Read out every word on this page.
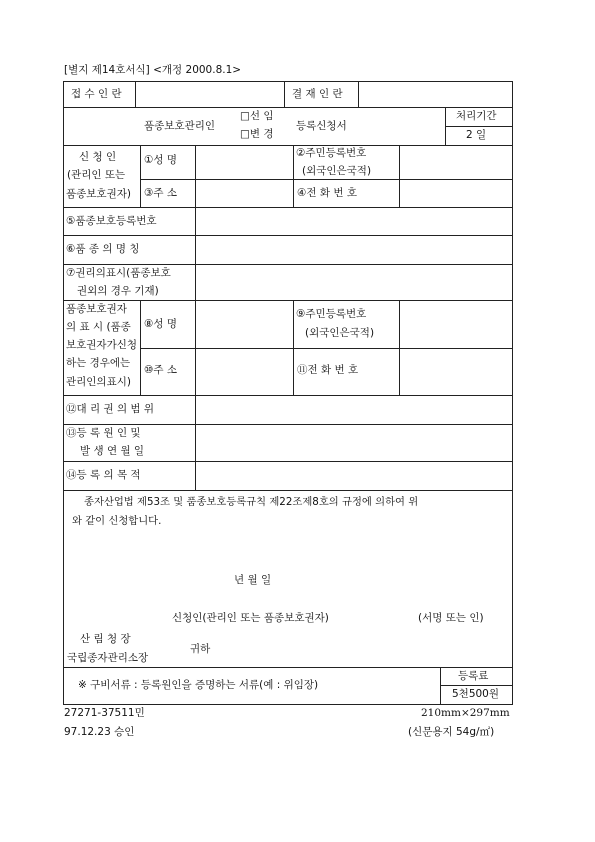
[별지 제14호서식] <개정 2000.8.1>
접 수 인 란	결 재 인 란
품종보호관리인
□선 임
□변 경
등록신청서
처리기간
2 일
신 청 인
(관리인 또는
품종보호권자)
①성 명
②주민등록번호
(외국인은국적)
③주 소	④전 화 번 호
⑤품종보호등록번호
⑥품 종 의 명 칭
⑦권리의표시(품종보호
권외의 경우 기재)
품종보호권자
의 표 시 (품종
보호권자가신청
하는 경우에는
관리인의표시)
⑧성 명
⑨주민등록번호
(외국인은국적)
⑩주 소	⑪전 화 번 호
⑫대 리 권 의 범 위
⑬등 록 원 인 및
발 생 연 월 일
⑭등 록 의 목 적
종자산업법 제53조 및 품종보호등록규칙 제22조제8호의 규정에 의하여 위
와 같이 신청합니다.
년 월 일
신청인(관리인 또는 품종보호권자)	(서명 또는 인)
산 림 청 장
국립종자관리소장
귀하
※ 구비서류 : 등록원인을 증명하는 서류(예 : 위임장)
등록료
5천500원
27271-37511민
97.12.23 승인
210mm×297mm
(신문용지 54g/㎡)
